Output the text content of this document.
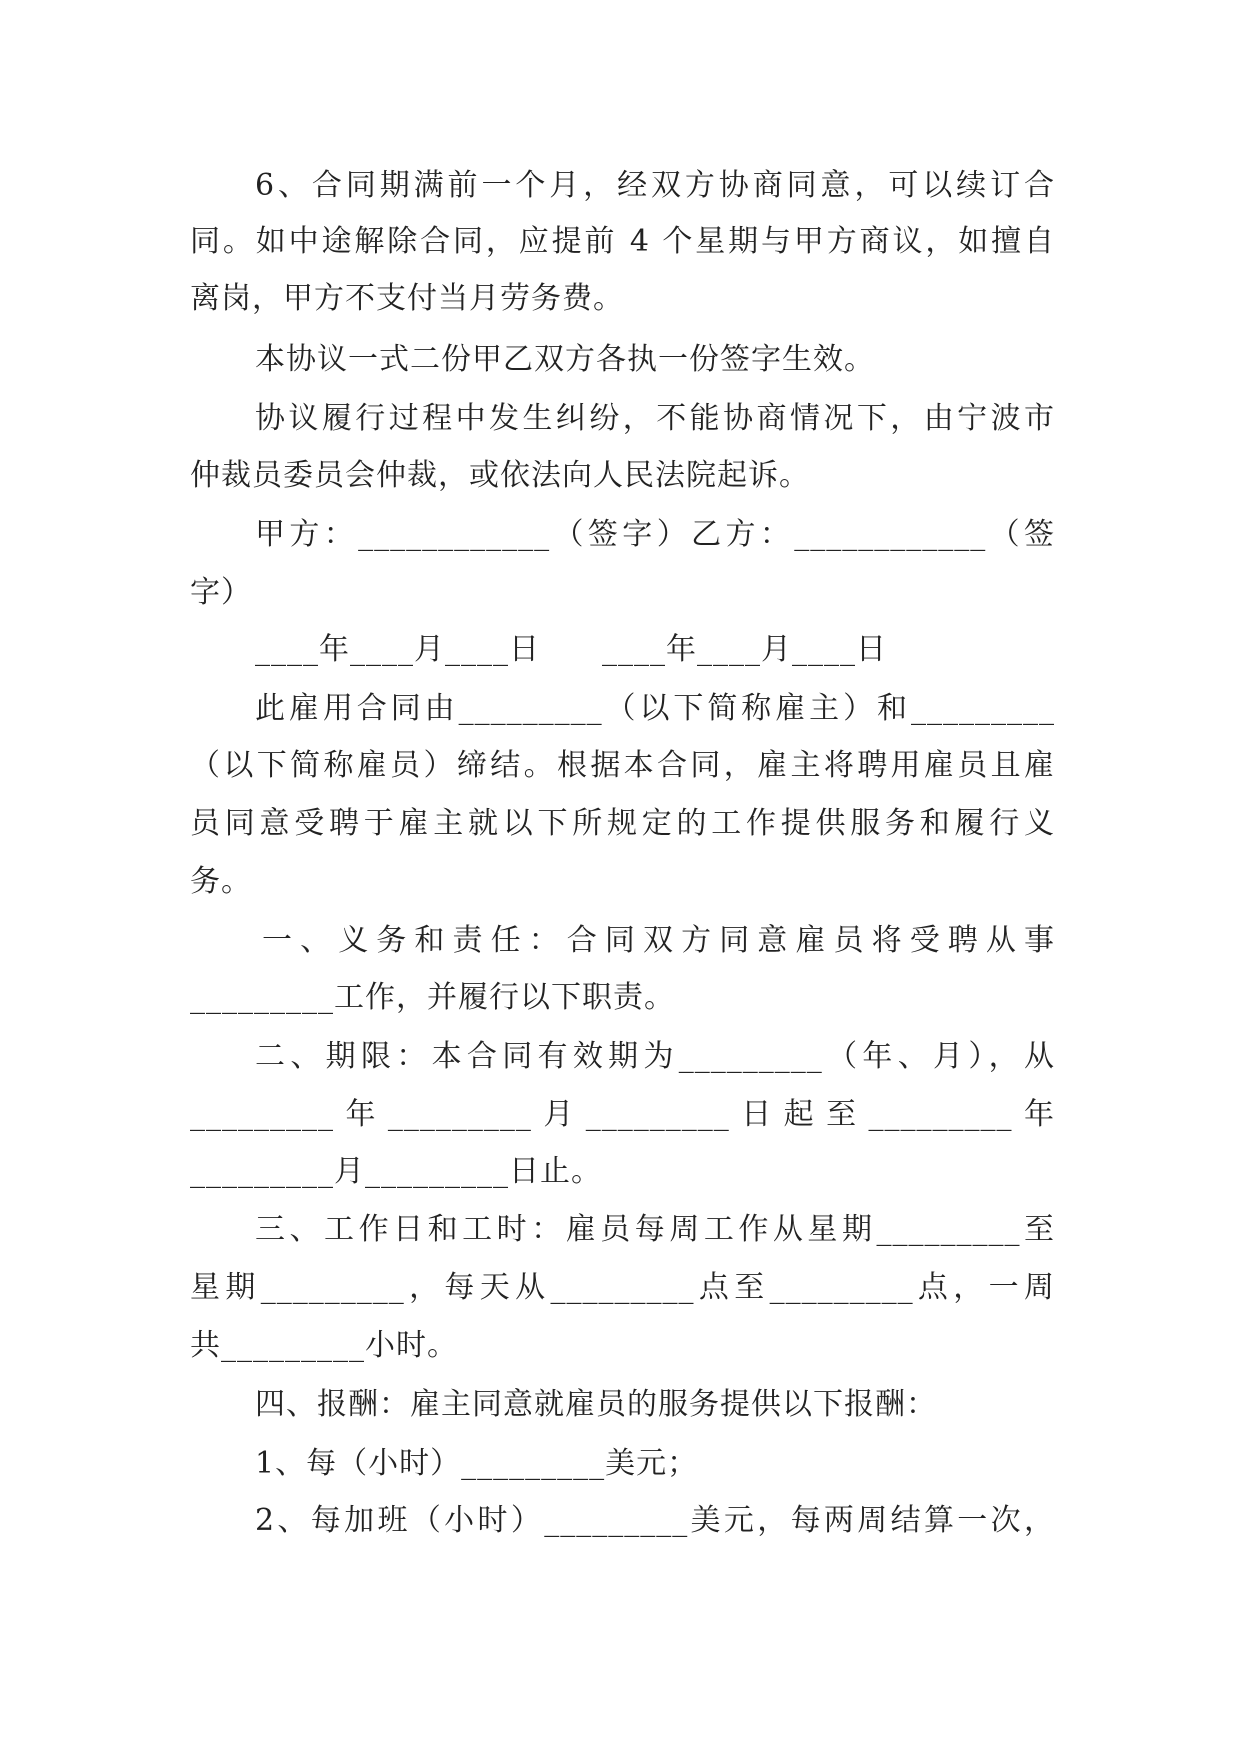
6、合同期满前一个月，经双方协商同意，可以续订合
同。如中途解除合同，应提前 4 个星期与甲方商议，如擅自
离岗，甲方不支付当月劳务费。
本协议一式二份甲乙双方各执一份签字生效。
协议履行过程中发生纠纷，不能协商情况下，由宁波市
仲裁员委员会仲裁，或依法向人民法院起诉。
甲方：____________（签字）乙方：____________（签
字）
____年____月____日　　____年____月____日
此雇用合同由_________（以下简称雇主）和_________
（以下简称雇员）缔结。根据本合同，雇主将聘用雇员且雇
员同意受聘于雇主就以下所规定的工作提供服务和履行义
务。
一、义务和责任：合同双方同意雇员将受聘从事
_________工作，并履行以下职责。
二、期限：本合同有效期为_________（年、月），从
_________年_________月_________日起至_________年
_________月_________日止。
三、工作日和工时：雇员每周工作从星期_________至
星期_________，每天从_________点至_________点，一周
共_________小时。
四、报酬：雇主同意就雇员的服务提供以下报酬：
1、每（小时）_________美元；
2、每加班（小时）_________美元，每两周结算一次，
